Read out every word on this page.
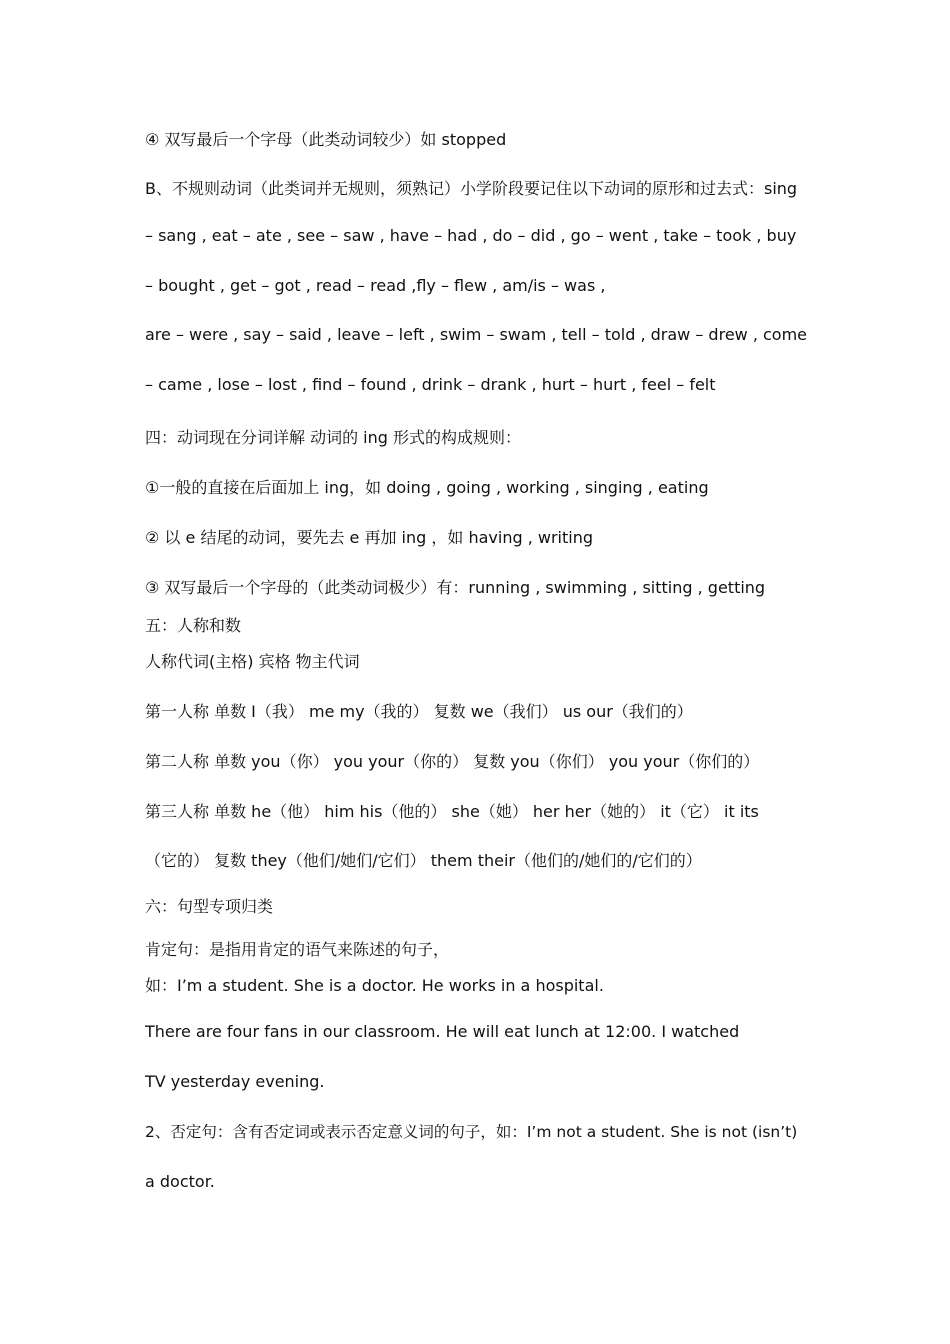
④ 双写最后一个字母（此类动词较少）如 stopped
B、不规则动词（此类词并无规则，须熟记）小学阶段要记住以下动词的原形和过去式：sing
– sang , eat – ate , see – saw , have – had , do – did , go – went , take – took , buy
– bought , get – got , read – read ,fly – flew , am/is – was ,
are – were , say – said , leave – left , swim – swam , tell – told , draw – drew , come
– came , lose – lost , find – found , drink – drank , hurt – hurt , feel – felt
四：动词现在分词详解 动词的 ing 形式的构成规则：
①一般的直接在后面加上 ing，如 doing , going , working , singing , eating
② 以 e 结尾的动词，要先去 e 再加 ing ，如 having , writing
③ 双写最后一个字母的（此类动词极少）有：running , swimming , sitting , getting
五：人称和数
人称代词(主格) 宾格 物主代词
第一人称 单数 I（我） me my（我的） 复数 we（我们） us our（我们的）
第二人称 单数 you（你） you your（你的） 复数 you（你们） you your（你们的）
第三人称 单数 he（他） him his（他的） she（她） her her（她的） it（它） it its
（它的） 复数 they（他们/她们/它们） them their（他们的/她们的/它们的）
六：句型专项归类
肯定句：是指用肯定的语气来陈述的句子，
如：I’m a student. She is a doctor. He works in a hospital.
There are four fans in our classroom. He will eat lunch at 12:00. I watched
TV yesterday evening.
2、否定句：含有否定词或表示否定意义词的句子，如：I’m not a student. She is not (isn’t)
a doctor.
